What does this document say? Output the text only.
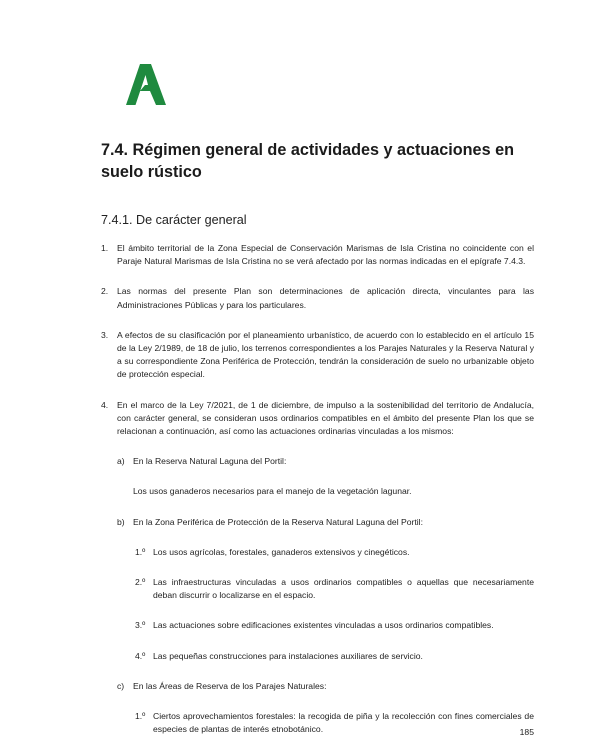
7.4. Régimen general de actividades y actuaciones en suelo rústico
7.4.1. De carácter general

1. El ámbito territorial de la Zona Especial de Conservación Marismas de Isla Cristina no coincidente con el Paraje Natural Marismas de Isla Cristina no se verá afectado por las normas indicadas en el epígrafe 7.4.3.

2. Las normas del presente Plan son determinaciones de aplicación directa, vinculantes para las Administraciones Públicas y para los particulares.

3. A efectos de su clasificación por el planeamiento urbanístico, de acuerdo con lo establecido en el artículo 15 de la Ley 2/1989, de 18 de julio, los terrenos correspondientes a los Parajes Naturales y la Reserva Natural y a su correspondiente Zona Periférica de Protección, tendrán la consideración de suelo no urbanizable objeto de protección especial.

4. En el marco de la Ley 7/2021, de 1 de diciembre, de impulso a la sostenibilidad del territorio de Andalucía, con carácter general, se consideran usos ordinarios compatibles en el ámbito del presente Plan los que se relacionan a continuación, así como las actuaciones ordinarias vinculadas a los mismos:

a) En la Reserva Natural Laguna del Portil:

Los usos ganaderos necesarios para el manejo de la vegetación lagunar.

b) En la Zona Periférica de Protección de la Reserva Natural Laguna del Portil:

1.º Los usos agrícolas, forestales, ganaderos extensivos y cinegéticos.

2.º Las infraestructuras vinculadas a usos ordinarios compatibles o aquellas que necesariamente deban discurrir o localizarse en el espacio.

3.º Las actuaciones sobre edificaciones existentes vinculadas a usos ordinarios compatibles.

4.º Las pequeñas construcciones para instalaciones auxiliares de servicio.

c) En las Áreas de Reserva de los Parajes Naturales:

1.º Ciertos aprovechamientos forestales: la recogida de piña y la recolección con fines comerciales de especies de plantas de interés etnobotánico.	185
